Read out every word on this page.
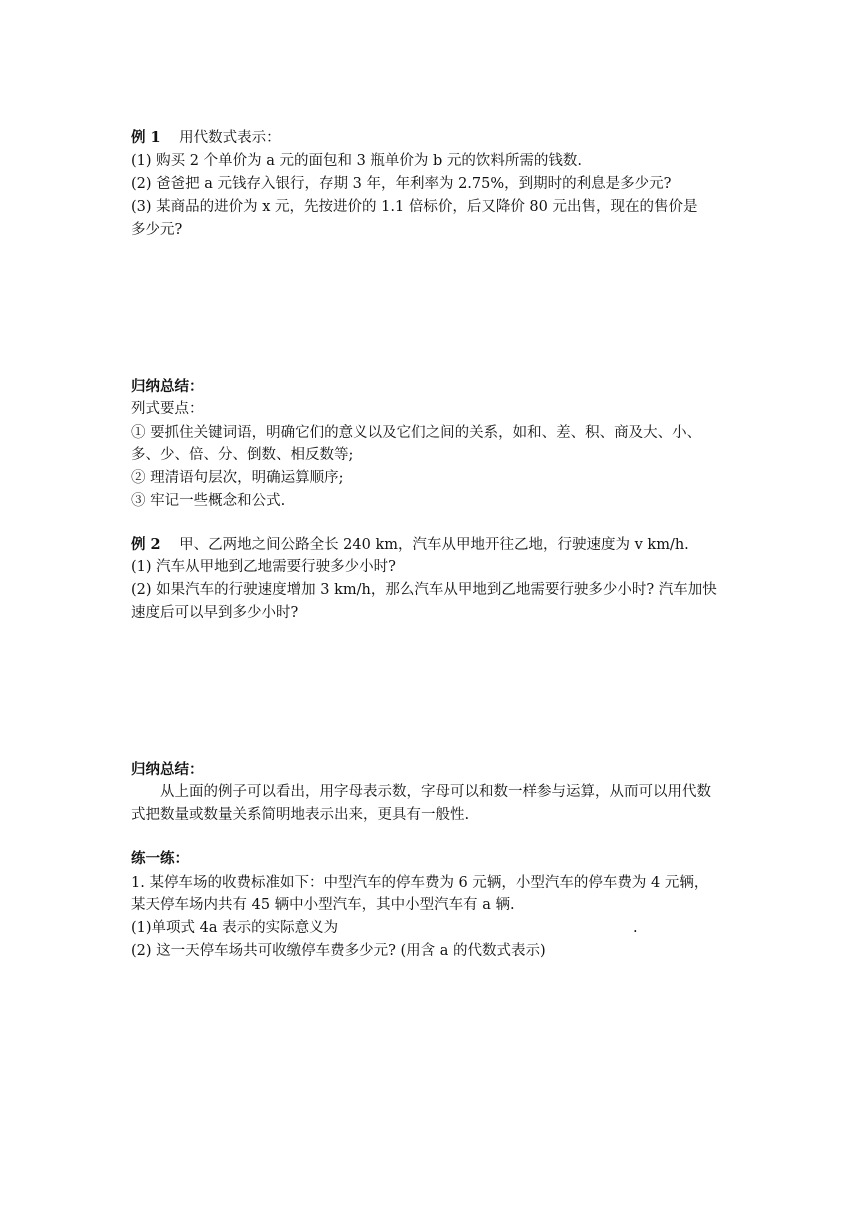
例 1 用代数式表示：
(1) 购买 2 个单价为 a 元的面包和 3 瓶单价为 b 元的饮料所需的钱数.
(2) 爸爸把 a 元钱存入银行，存期 3 年，年利率为 2.75%，到期时的利息是多少元?
(3) 某商品的进价为 x 元，先按进价的 1.1 倍标价，后又降价 80 元出售，现在的售价是
多少元?
归纳总结：
列式要点：
① 要抓住关键词语，明确它们的意义以及它们之间的关系，如和、差、积、商及大、小、
多、少、倍、分、倒数、相反数等;
② 理清语句层次，明确运算顺序;
③ 牢记一些概念和公式.
例 2 甲、乙两地之间公路全长 240 km，汽车从甲地开往乙地，行驶速度为 v km/h.
(1) 汽车从甲地到乙地需要行驶多少小时?
(2) 如果汽车的行驶速度增加 3 km/h，那么汽车从甲地到乙地需要行驶多少小时? 汽车加快
速度后可以早到多少小时?
归纳总结：
从上面的例子可以看出，用字母表示数，字母可以和数一样参与运算，从而可以用代数
式把数量或数量关系简明地表示出来，更具有一般性.
练一练：
1. 某停车场的收费标准如下：中型汽车的停车费为 6 元辆，小型汽车的停车费为 4 元辆，
某天停车场内共有 45 辆中小型汽车，其中小型汽车有 a 辆.
(1)单项式 4a 表示的实际意义为	.
(2) 这一天停车场共可收缴停车费多少元? (用含 a 的代数式表示)
